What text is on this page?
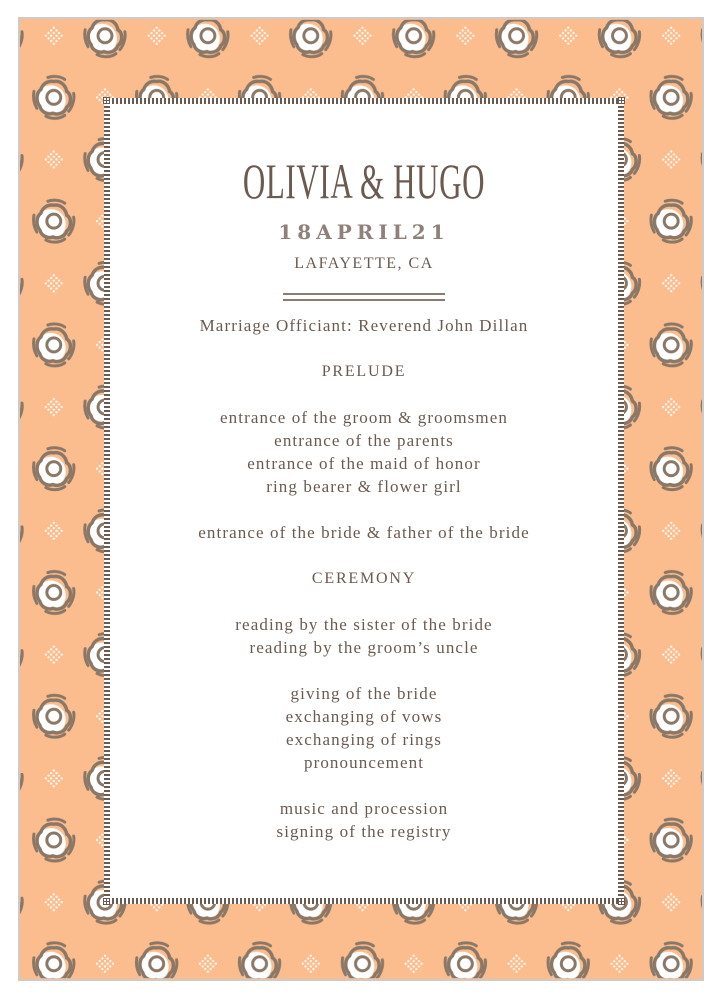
OLIVIA & HUGO
18APRIL21
LAFAYETTE, CA
Marriage Officiant: Reverend John Dillan
PRELUDE
entrance of the groom & groomsmen
entrance of the parents
entrance of the maid of honor
ring bearer & flower girl
entrance of the bride & father of the bride
CEREMONY
reading by the sister of the bride
reading by the groom’s uncle
giving of the bride
exchanging of vows
exchanging of rings
pronouncement
music and procession
signing of the registry
